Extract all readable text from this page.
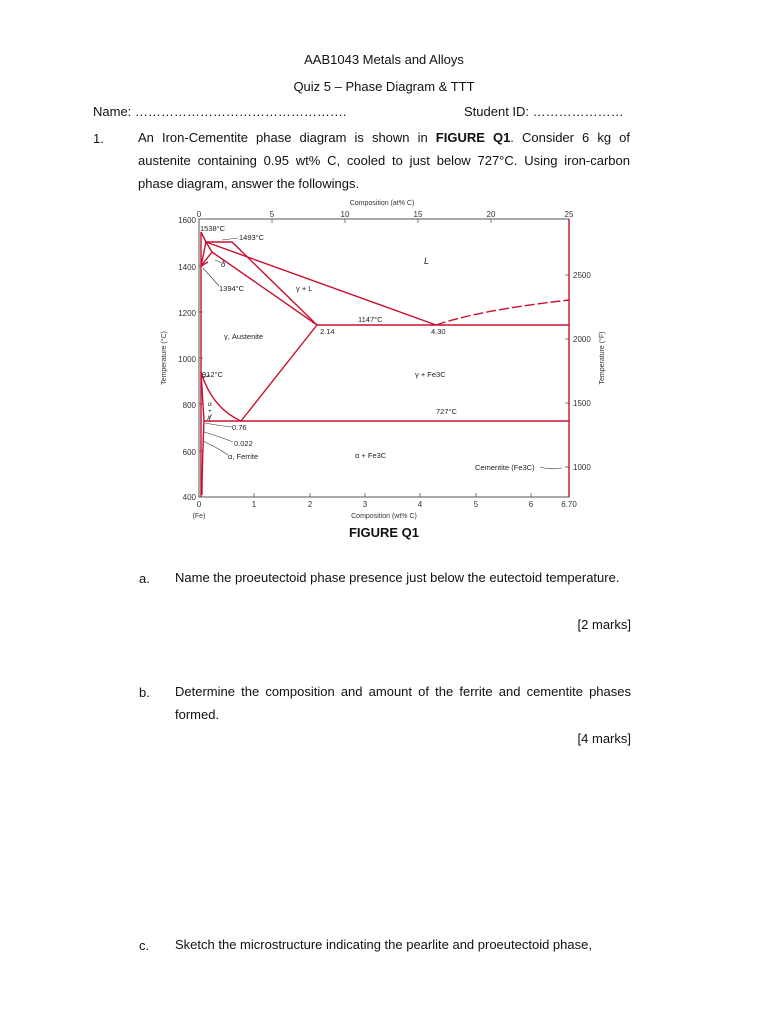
AAB1043 Metals and Alloys
Quiz 5 – Phase Diagram & TTT
Name: ………………………………………….	Student ID: …………………
1.	An Iron-Cementite phase diagram is shown in FIGURE Q1. Consider 6 kg of austenite containing 0.95 wt% C, cooled to just below 727°C. Using iron-carbon phase diagram, answer the followings.
Composition (at% C)
0	5	10	15	20	25
1600
1400
1200
1000
800
600
400
Temperature (°C)
2500
2000
1500
1000
Temperature (°F)
0	1	2	3	4	5	6	6.70
(Fe)	Composition (wt% C)
1538°C
1493°C
δ	L
1394°C	γ + L
1147°C
2.14	4.30
γ, Austenite
912°C	γ + Fe3C
α
+
γ
727°C
0.76
0.022
α, Ferrite	α + Fe3C
Cementite (Fe3C)
FIGURE Q1
a. Name the proeutectoid phase presence just below the eutectoid temperature.
[2 marks]
b. Determine the composition and amount of the ferrite and cementite phases formed.
[4 marks]
c. Sketch the microstructure indicating the pearlite and proeutectoid phase,
